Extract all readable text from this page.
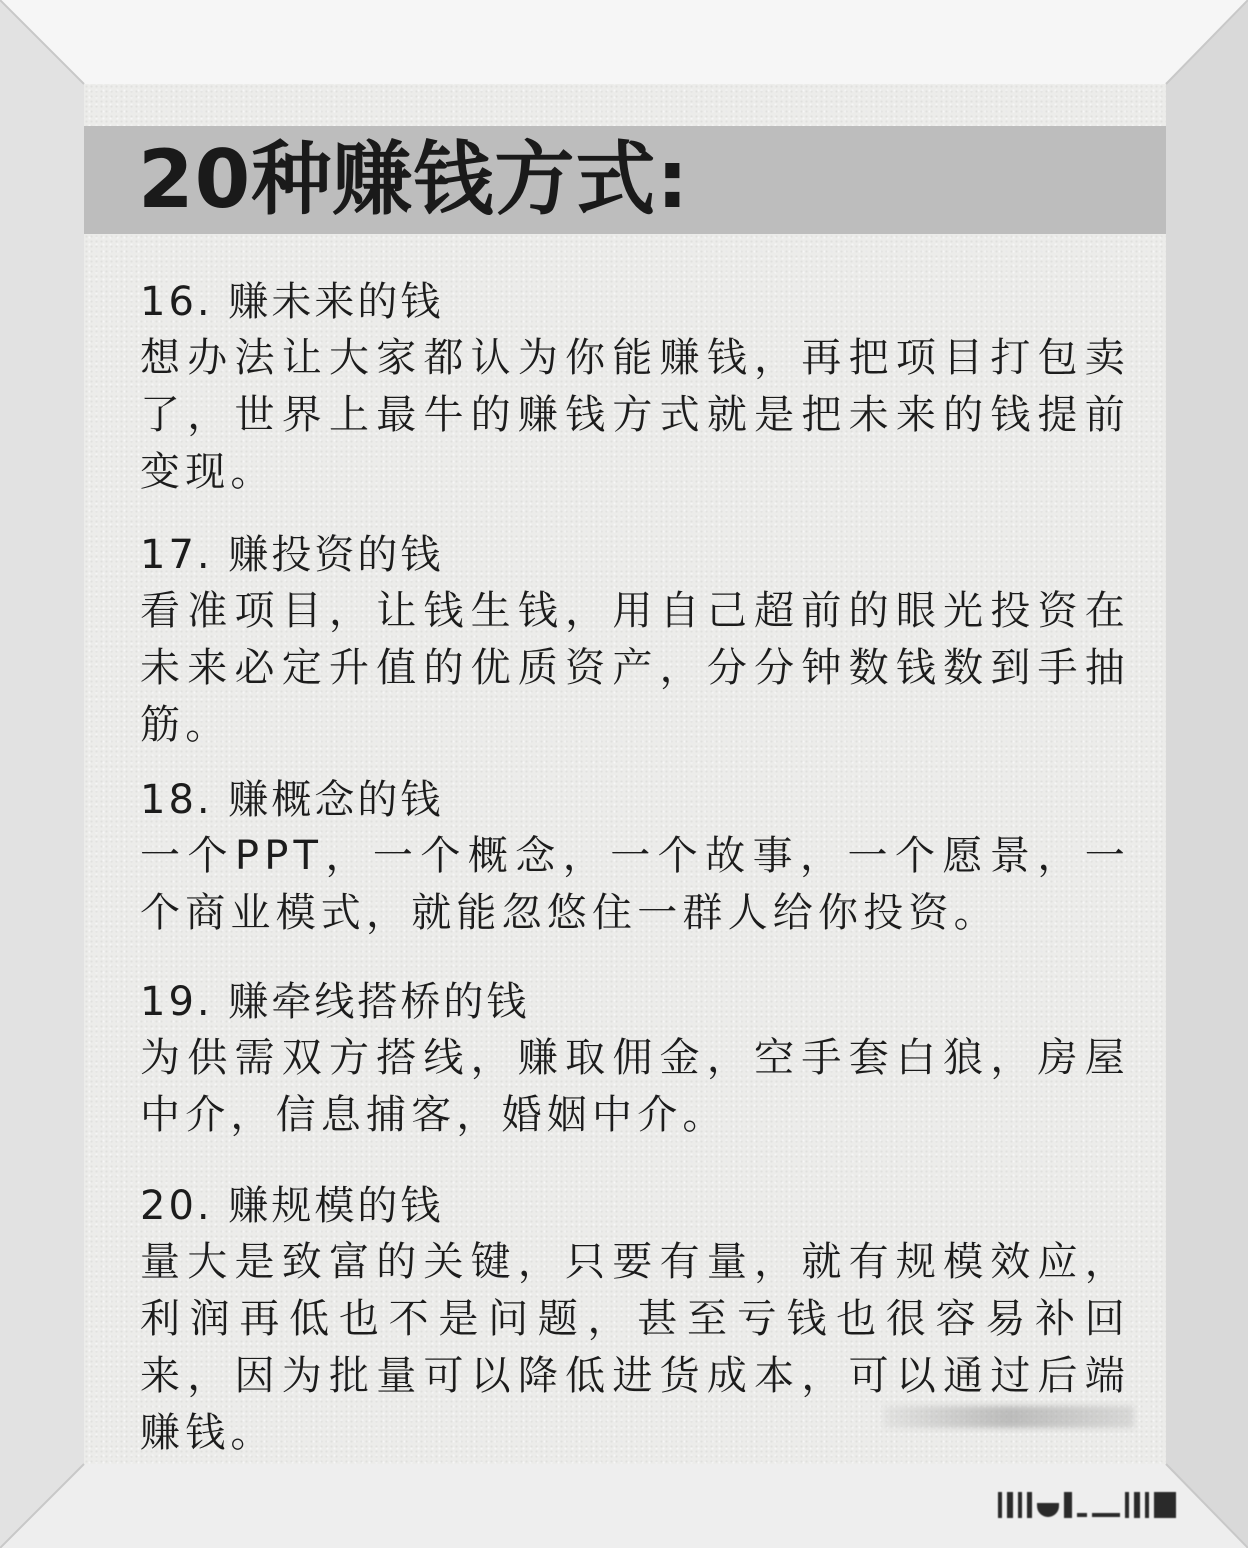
20种赚钱方式:
16. 赚未来的钱
想办法让大家都认为你能赚钱，再把项目打包卖了，世界上最牛的赚钱方式就是把未来的钱提前变现。
17. 赚投资的钱
看准项目，让钱生钱，用自己超前的眼光投资在未来必定升值的优质资产，分分钟数钱数到手抽筋。
18. 赚概念的钱
一个PPT，一个概念，一个故事，一个愿景，一个商业模式，就能忽悠住一群人给你投资。
19. 赚牵线搭桥的钱
为供需双方搭线，赚取佣金，空手套白狼，房屋中介，信息捕客，婚姻中介。
20. 赚规模的钱
量大是致富的关键，只要有量，就有规模效应，利润再低也不是问题，甚至亏钱也很容易补回来，因为批量可以降低进货成本，可以通过后端赚钱。
